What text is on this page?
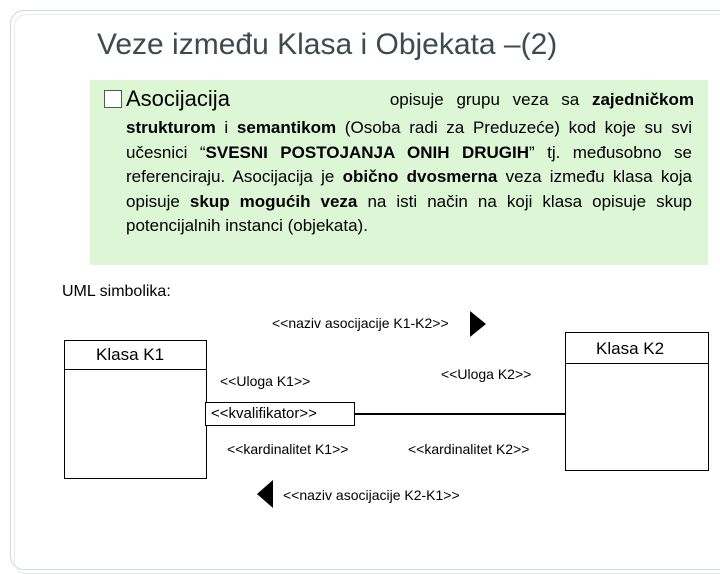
Veze između Klasa i Objekata –(2)
Asocijacija	opisuje grupu veza sa zajedničkom
strukturom i semantikom (Osoba radi za Preduzeće) kod koje su svi učesnici “SVESNI POSTOJANJA ONIH DRUGIH” tj. međusobno se referenciraju. Asocijacija je obično dvosmerna veza između klasa koja opisuje skup mogućih veza na isti način na koji klasa opisuje skup potencijalnih instanci (objekata).
UML simbolika:
<<naziv asocijacije K1-K2>>
Klasa K1	Klasa K2
<<Uloga K1>>	<<Uloga K2>>
<<kvalifikator>>
<<kardinalitet K1>>	<<kardinalitet K2>>
<<naziv asocijacije K2-K1>>
